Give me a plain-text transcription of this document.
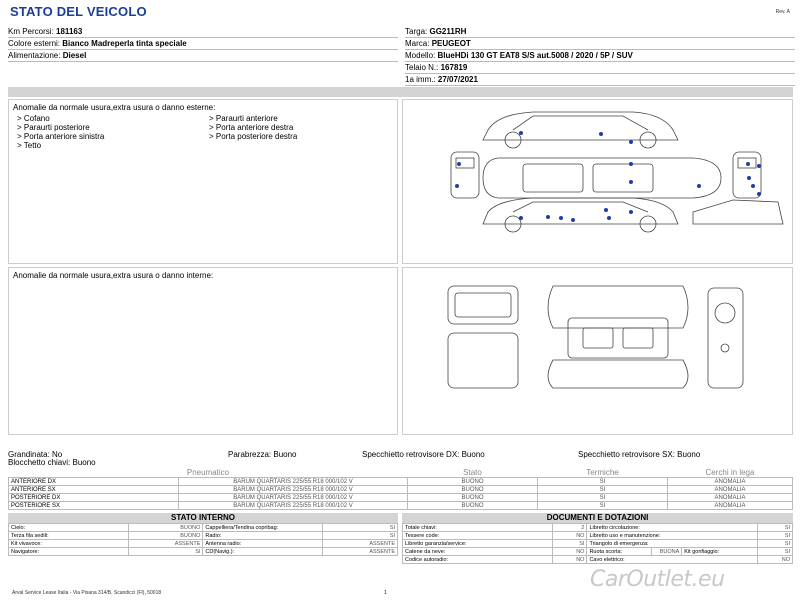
STATO DEL VEICOLO	Rev. A
Km Percorsi: 181163
Colore esterni: Bianco Madreperla tinta speciale
Alimentazione: Diesel
Targa: GG211RH
Marca: PEUGEOT
Modello: BlueHDi 130 GT EAT8 S/S aut.5008 / 2020 / 5P / SUV
Telaio N.: 167819
1a imm.: 27/07/2021
Anomalie da normale usura,extra usura o danno esterne:
> Cofano
> Paraurti posteriore
> Porta anteriore sinistra
> Tetto
> Paraurti anteriore
> Porta anteriore destra
> Porta posteriore destra
Anomalie da normale usura,extra usura o danno interne:
Grandinata: No	Parabrezza: Buono	Specchietto retrovisore DX: Buono	Specchietto retrovisore SX: Buono
Blocchetto chiavi: Buono
Pneumatico		Stato	Termiche	Cerchi in lega
ANTERIORE DX	BARUM QUARTARIS 225/55 R18 000/102 V	BUONO	SI	ANOMALIA
ANTERIORE SX	BARUM QUARTARIS 225/55 R18 000/102 V	BUONO	SI	ANOMALIA
POSTERIORE DX	BARUM QUARTARIS 225/55 R18 000/102 V	BUONO	SI	ANOMALIA
POSTERIORE SX	BARUM QUARTARIS 225/55 R18 000/102 V	BUONO	SI	ANOMALIA
STATO INTERNO
Cielo:	BUONO	Cappelliera/Tendina copribag:	SI
Terza fila sedili:	BUONO	Radio:	SI
Kit vivavoce:	ASSENTE	Antenna radio:	ASSENTE
Navigatore:	SI	CD(Navig.):	ASSENTE
DOCUMENTI E DOTAZIONI
Totale chiavi:	2	Libretto circolazione:			SI
Tessere code:	NO	Libretto uso e manutenzione:			SI
Libretto garanzia/service:	SI	Triangolo di emergenza:			SI
Catene da neve:	NO	Ruota scorta:	BUONA	Kit gonfiaggio:	SI
Codice autoradio:	NO	Cavo elettrico:			NO
Arval Service Lease Italia - Via Pisana 314/B, Scandicci (FI), 50018	1
CarOutlet.eu
